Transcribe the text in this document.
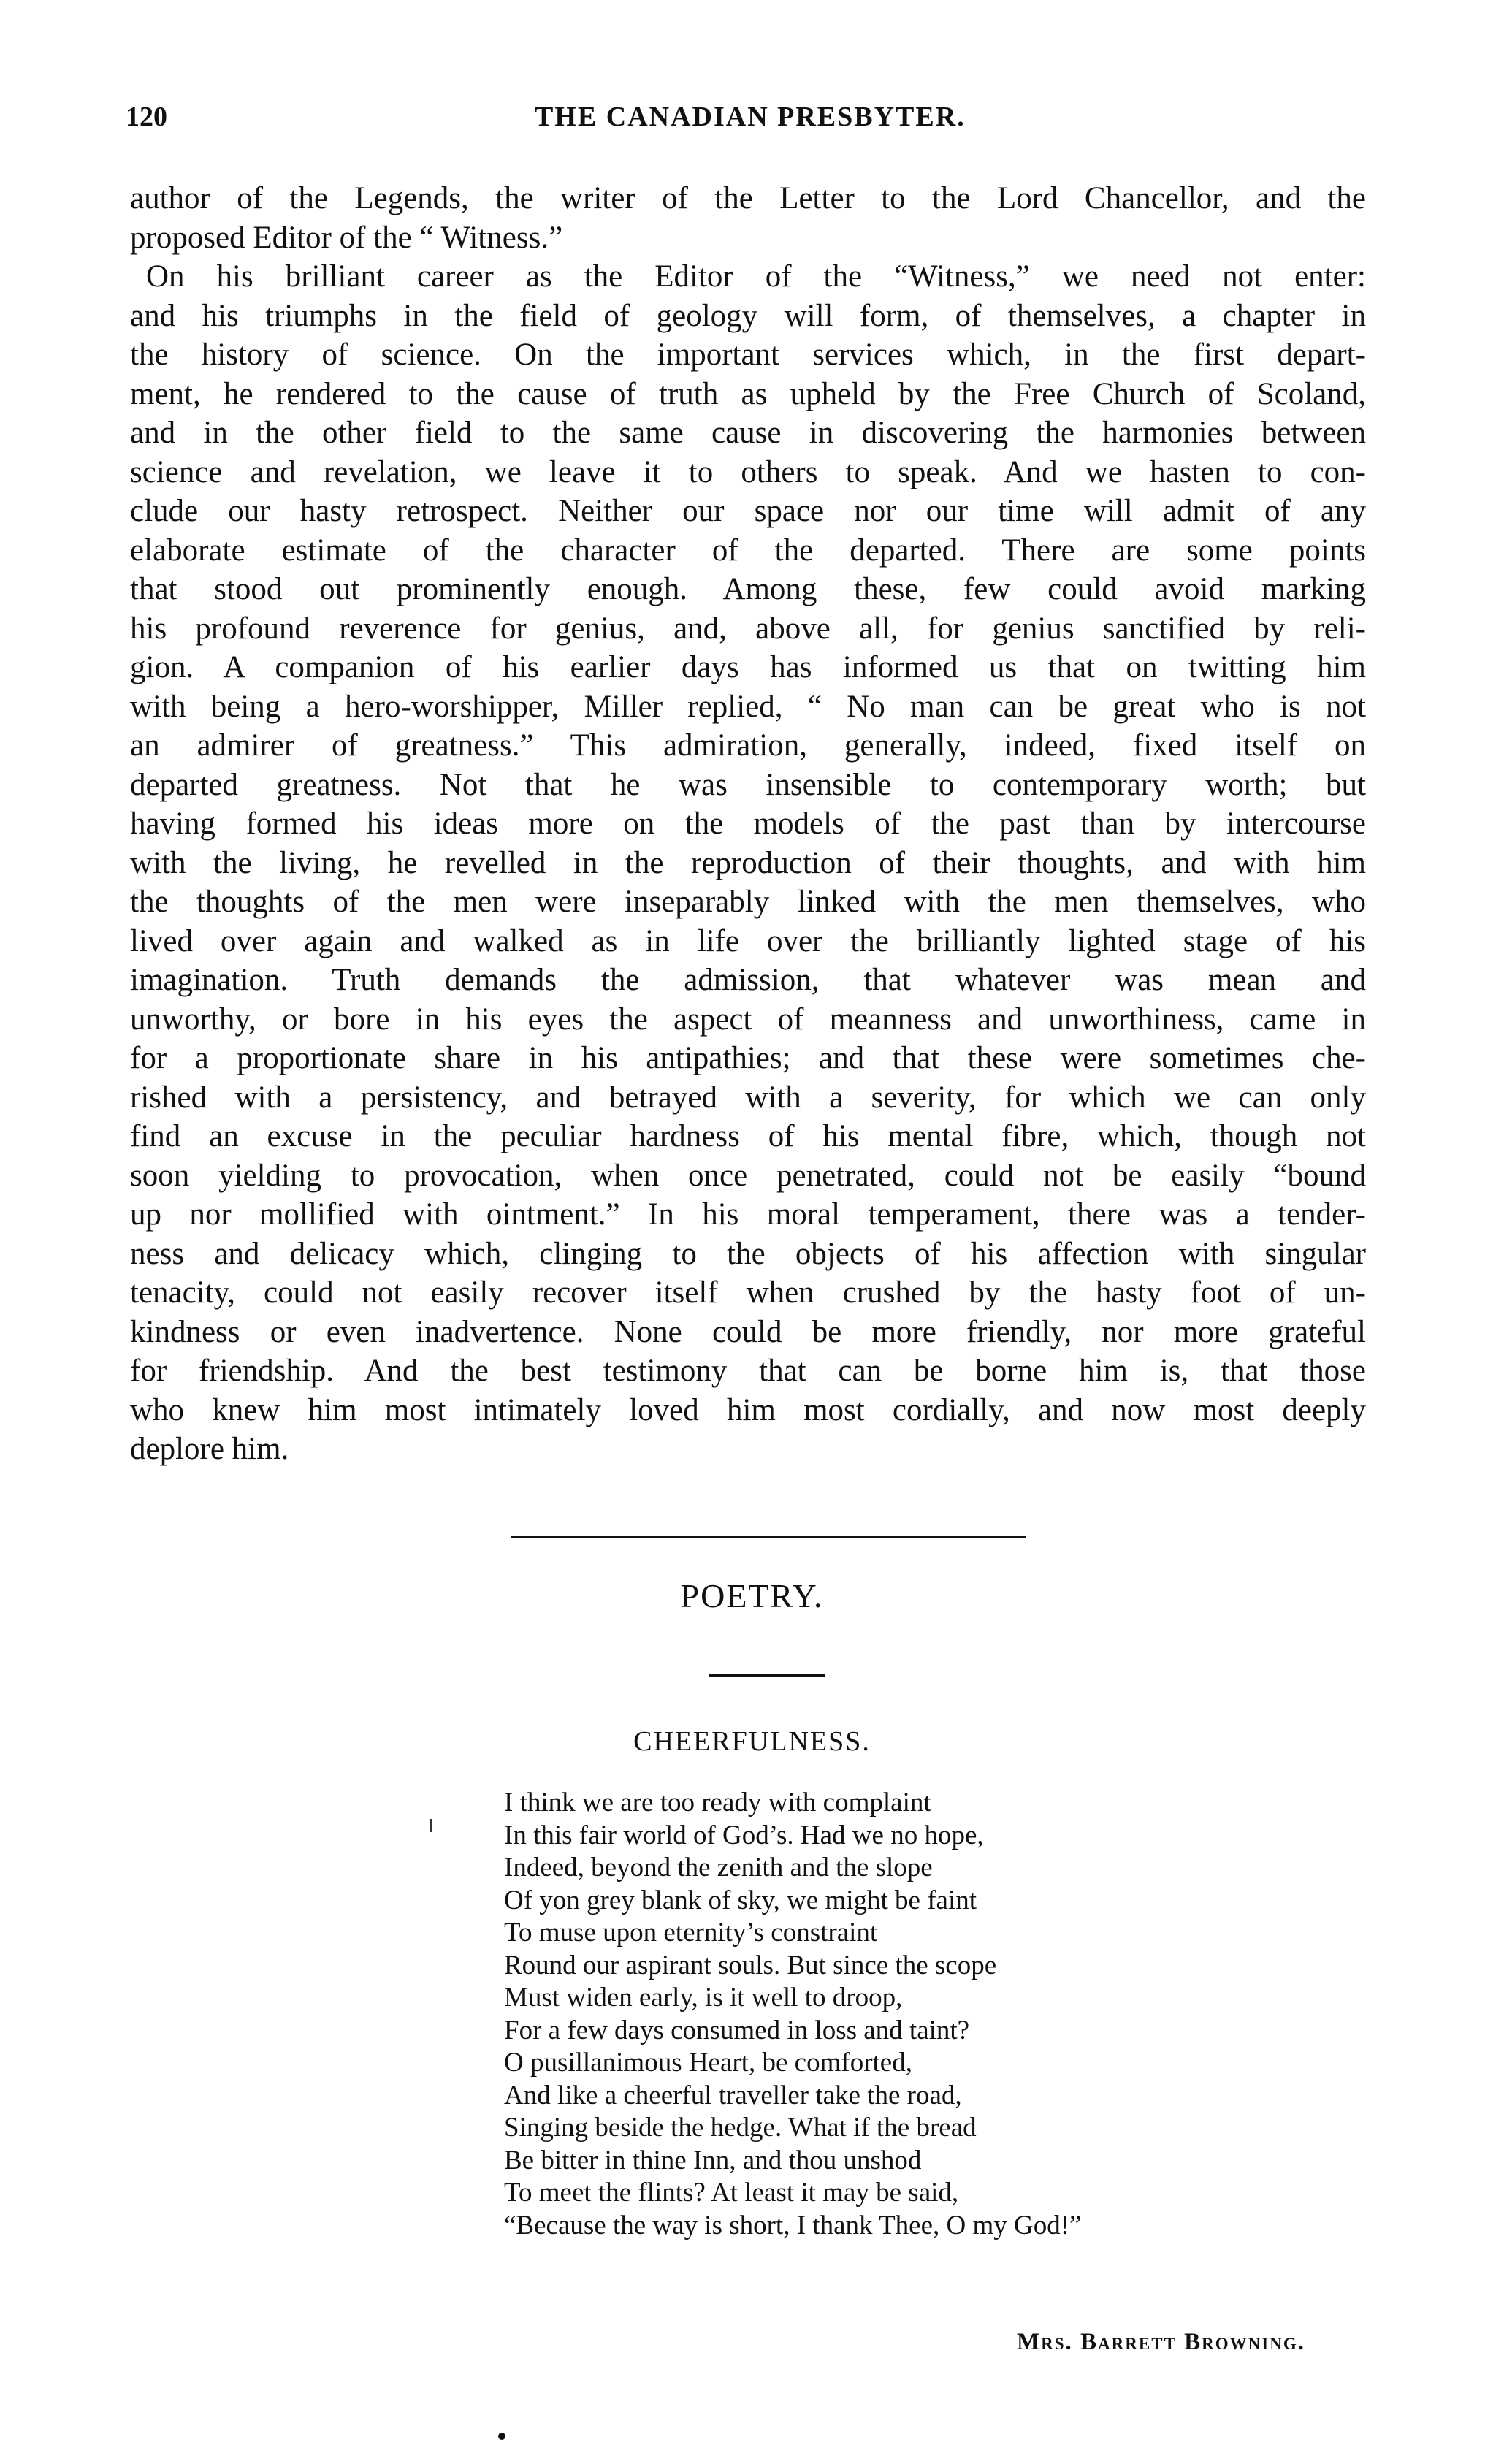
120	THE CANADIAN PRESBYTER.
author of the Legends, the writer of the Letter to the Lord Chancellor, and the
proposed Editor of the “ Witness.”
On his brilliant career as the Editor of the “Witness,” we need not enter:
and his triumphs in the field of geology will form, of themselves, a chapter in
the history of science. On the important services which, in the first depart-
ment, he rendered to the cause of truth as upheld by the Free Church of Scoland,
and in the other field to the same cause in discovering the harmonies between
science and revelation, we leave it to others to speak. And we hasten to con-
clude our hasty retrospect. Neither our space nor our time will admit of any
elaborate estimate of the character of the departed. There are some points
that stood out prominently enough. Among these, few could avoid marking
his profound reverence for genius, and, above all, for genius sanctified by reli-
gion. A companion of his earlier days has informed us that on twitting him
with being a hero-worshipper, Miller replied, “ No man can be great who is not
an admirer of greatness.” This admiration, generally, indeed, fixed itself on
departed greatness. Not that he was insensible to contemporary worth; but
having formed his ideas more on the models of the past than by intercourse
with the living, he revelled in the reproduction of their thoughts, and with him
the thoughts of the men were inseparably linked with the men themselves, who
lived over again and walked as in life over the brilliantly lighted stage of his
imagination. Truth demands the admission, that whatever was mean and
unworthy, or bore in his eyes the aspect of meanness and unworthiness, came in
for a proportionate share in his antipathies; and that these were sometimes che-
rished with a persistency, and betrayed with a severity, for which we can only
find an excuse in the peculiar hardness of his mental fibre, which, though not
soon yielding to provocation, when once penetrated, could not be easily “bound
up nor mollified with ointment.” In his moral temperament, there was a tender-
ness and delicacy which, clinging to the objects of his affection with singular
tenacity, could not easily recover itself when crushed by the hasty foot of un-
kindness or even inadvertence. None could be more friendly, nor more grateful
for friendship. And the best testimony that can be borne him is, that those
who knew him most intimately loved him most cordially, and now most deeply
deplore him.
POETRY.
CHEERFULNESS.
I think we are too ready with complaint
In this fair world of God’s. Had we no hope,
Indeed, beyond the zenith and the slope
Of yon grey blank of sky, we might be faint
To muse upon eternity’s constraint
Round our aspirant souls. But since the scope
Must widen early, is it well to droop,
For a few days consumed in loss and taint?
O pusillanimous Heart, be comforted,
And like a cheerful traveller take the road,
Singing beside the hedge. What if the bread
Be bitter in thine Inn, and thou unshod
To meet the flints? At least it may be said,
“Because the way is short, I thank Thee, O my God!”
Mrs. Barrett Browning.
